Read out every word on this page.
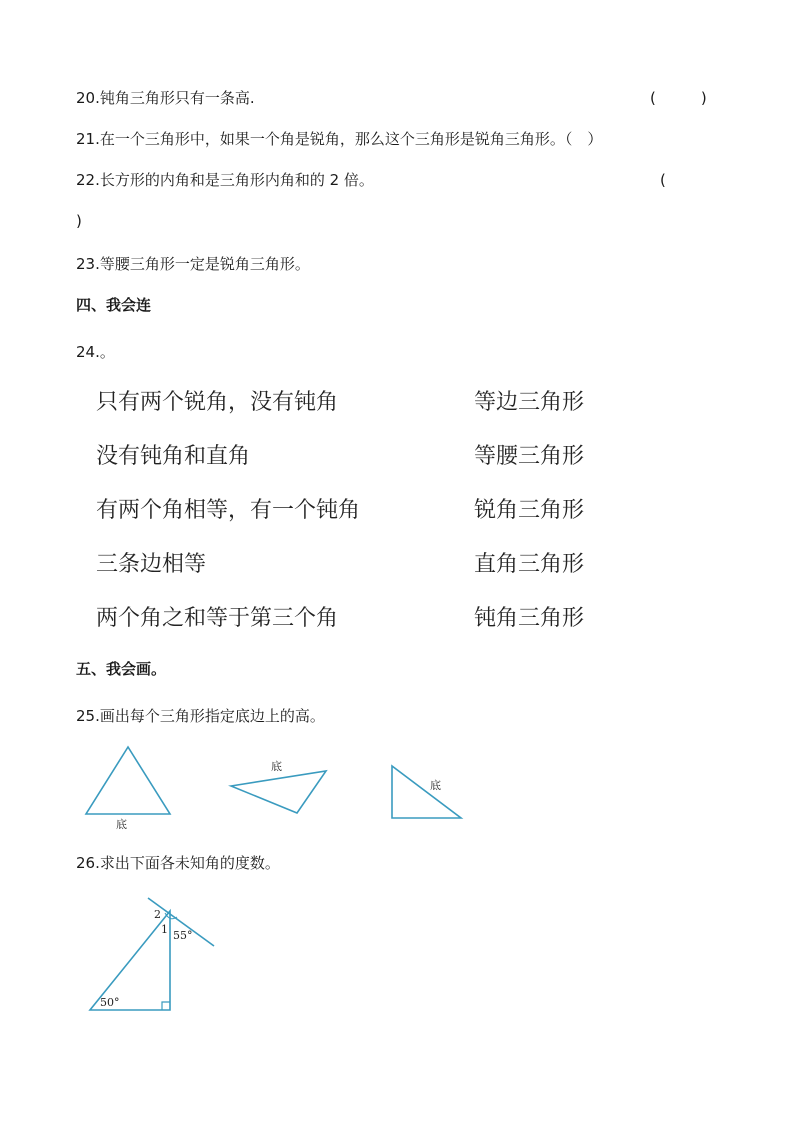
20.钝角三角形只有一条高.	(　　　)
21.在一个三角形中，如果一个角是锐角，那么这个三角形是锐角三角形。（　）
22.长方形的内角和是三角形内角和的 2 倍。	(
)
23.等腰三角形一定是锐角三角形。
四、我会连
24.。
只有两个锐角，没有钝角	等边三角形
没有钝角和直角	等腰三角形
有两个角相等，有一个钝角	锐角三角形
三条边相等	直角三角形
两个角之和等于第三个角	钝角三角形
五、我会画。
25.画出每个三角形指定底边上的高。
底
底
底
2
1 55°
50°
26.求出下面各未知角的度数。
